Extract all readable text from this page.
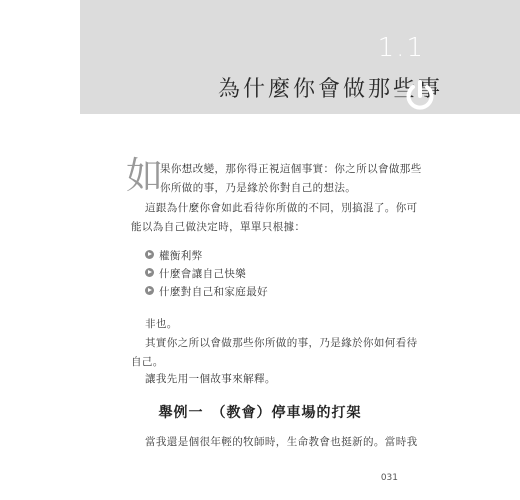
1.1
為什麼你會做那些事
如
果你想改變，那你得正視這個事實：你之所以會做那些
你所做的事，乃是緣於你對自己的想法。
這跟為什麼你會如此看待你所做的不同，別搞混了。你可
能以為自己做決定時，單單只根據：
權衡利弊
什麼會讓自己快樂
什麼對自己和家庭最好
非也。
其實你之所以會做那些你所做的事，乃是緣於你如何看待
自己。
讓我先用一個故事來解釋。
舉例一　（教會）停車場的打架
當我還是個很年輕的牧師時，生命教會也挺新的。當時我
031
